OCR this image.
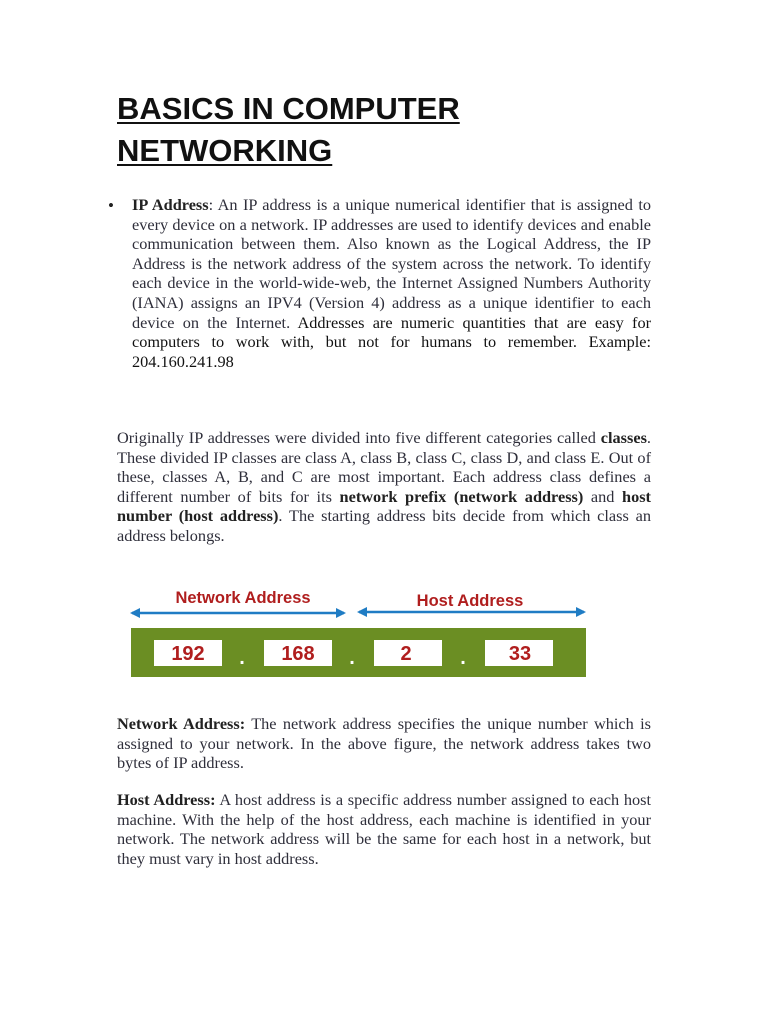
BASICS IN COMPUTER
NETWORKING
• IP Address: An IP address is a unique numerical identifier that is assigned to every device on a network. IP addresses are used to identify devices and enable communication between them. Also known as the Logical Address, the IP Address is the network address of the system across the network. To identify each device in the world-wide-web, the Internet Assigned Numbers Authority (IANA) assigns an IPV4 (Version 4) address as a unique identifier to each device on the Internet. Addresses are numeric quantities that are easy for computers to work with, but not for humans to remember. Example: 204.160.241.98

Originally IP addresses were divided into five different categories called classes. These divided IP classes are class A, class B, class C, class D, and class E. Out of these, classes A, B, and C are most important. Each address class defines a different number of bits for its network prefix (network address) and host number (host address). The starting address bits decide from which class an address belongs.

Network Address	Host Address
192 . 168 . 2 . 33

Network Address: The network address specifies the unique number which is assigned to your network. In the above figure, the network address takes two bytes of IP address.

Host Address: A host address is a specific address number assigned to each host machine. With the help of the host address, each machine is identified in your network. The network address will be the same for each host in a network, but they must vary in host address.
